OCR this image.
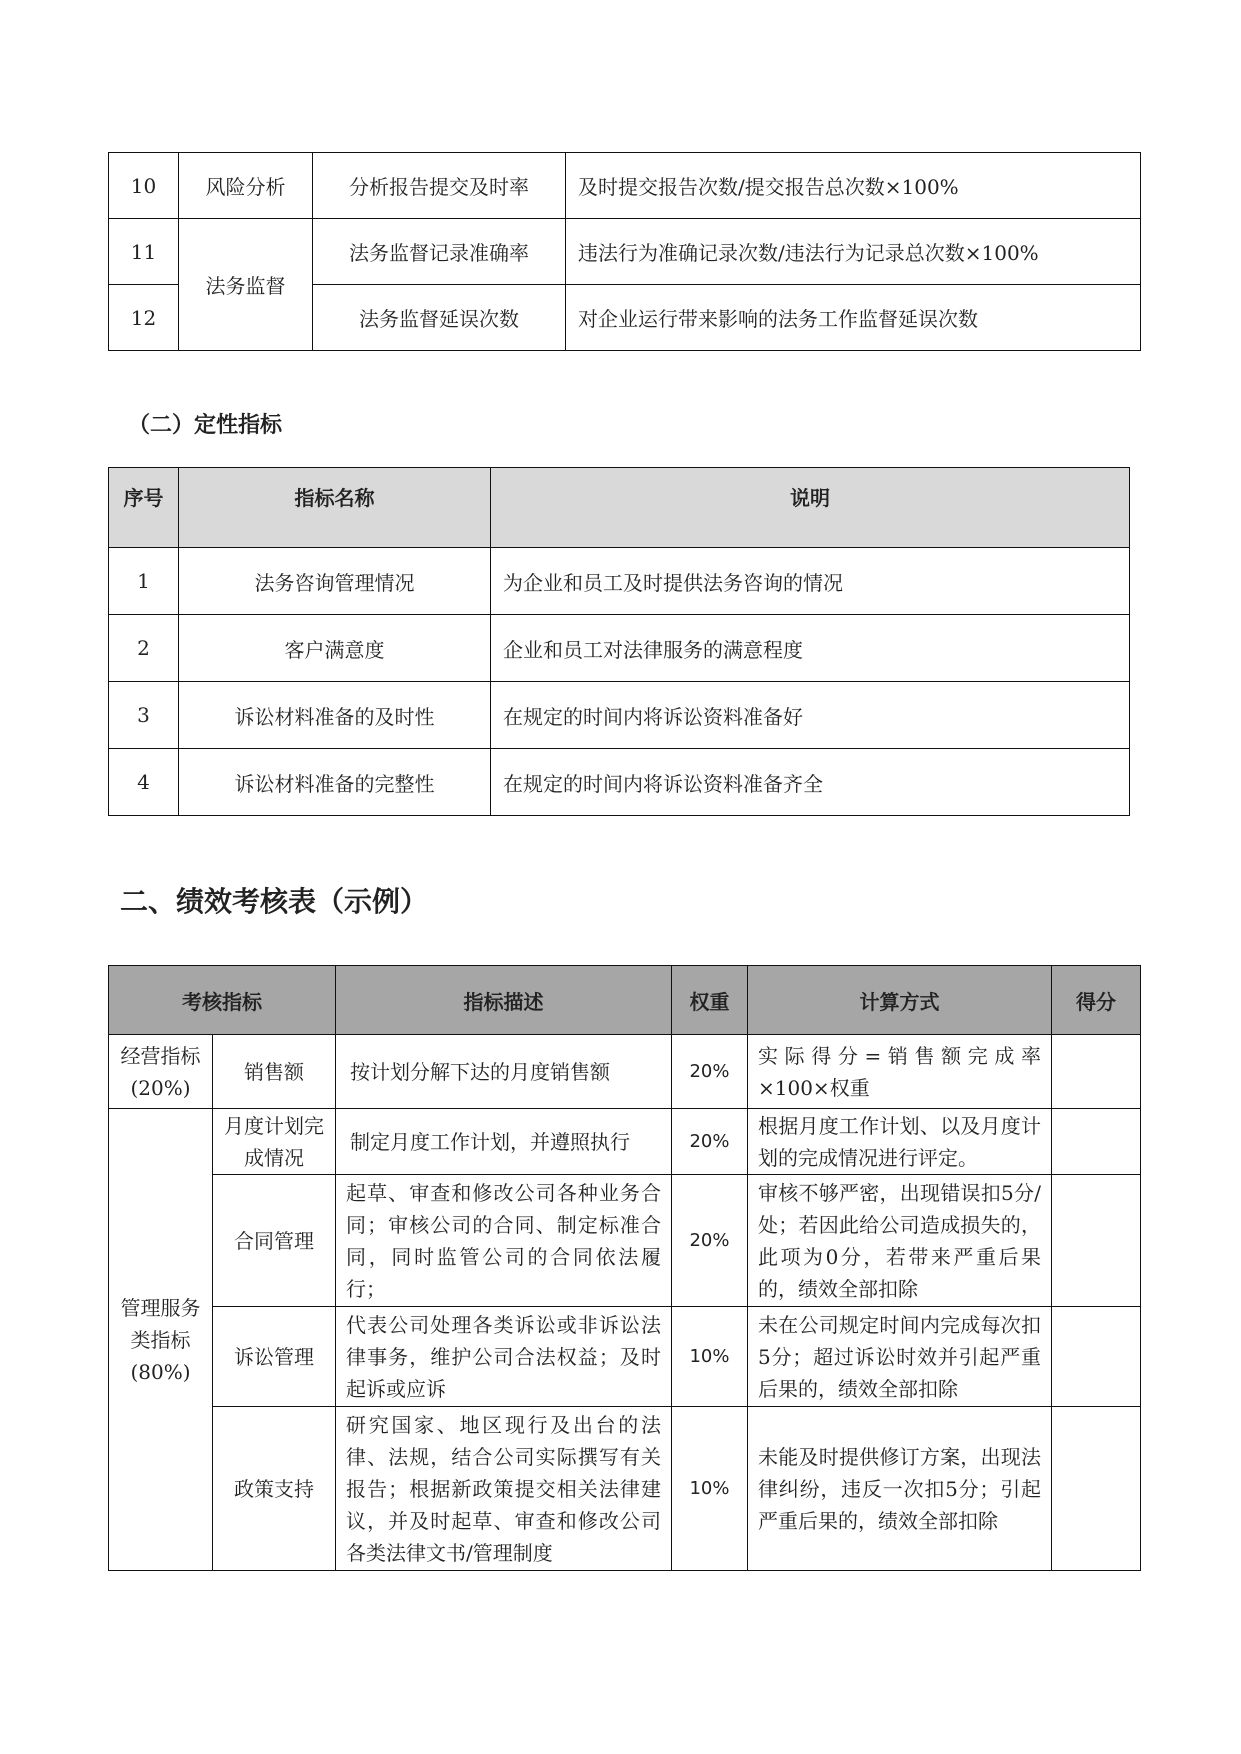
10	风险分析	分析报告提交及时率	及时提交报告次数/提交报告总次数×100%
11	法务监督	法务监督记录准确率	违法行为准确记录次数/违法行为记录总次数×100%
12		法务监督延误次数	对企业运行带来影响的法务工作监督延误次数
（二）定性指标
序号	指标名称	说明
1	法务咨询管理情况	为企业和员工及时提供法务咨询的情况
2	客户满意度	企业和员工对法律服务的满意程度
3	诉讼材料准备的及时性	在规定的时间内将诉讼资料准备好
4	诉讼材料准备的完整性	在规定的时间内将诉讼资料准备齐全
二、绩效考核表（示例）
考核指标		指标描述	权重	计算方式	得分
经营指标(20%)	销售额	按计划分解下达的月度销售额	20%	实际得分=销售额完成率×100×权重	
管理服务类指标(80%)	月度计划完成情况	制定月度工作计划，并遵照执行	20%	根据月度工作计划、以及月度计划的完成情况进行评定。	
	合同管理	起草、审查和修改公司各种业务合同；审核公司的合同、制定标准合同，同时监管公司的合同依法履行；	20%	审核不够严密，出现错误扣5分/处；若因此给公司造成损失的，此项为0分，若带来严重后果的，绩效全部扣除	
	诉讼管理	代表公司处理各类诉讼或非诉讼法律事务，维护公司合法权益；及时起诉或应诉	10%	未在公司规定时间内完成每次扣5分；超过诉讼时效并引起严重后果的，绩效全部扣除	
	政策支持	研究国家、地区现行及出台的法律、法规，结合公司实际撰写有关报告；根据新政策提交相关法律建议，并及时起草、审查和修改公司各类法律文书/管理制度	10%	未能及时提供修订方案，出现法律纠纷，违反一次扣5分；引起严重后果的，绩效全部扣除	
